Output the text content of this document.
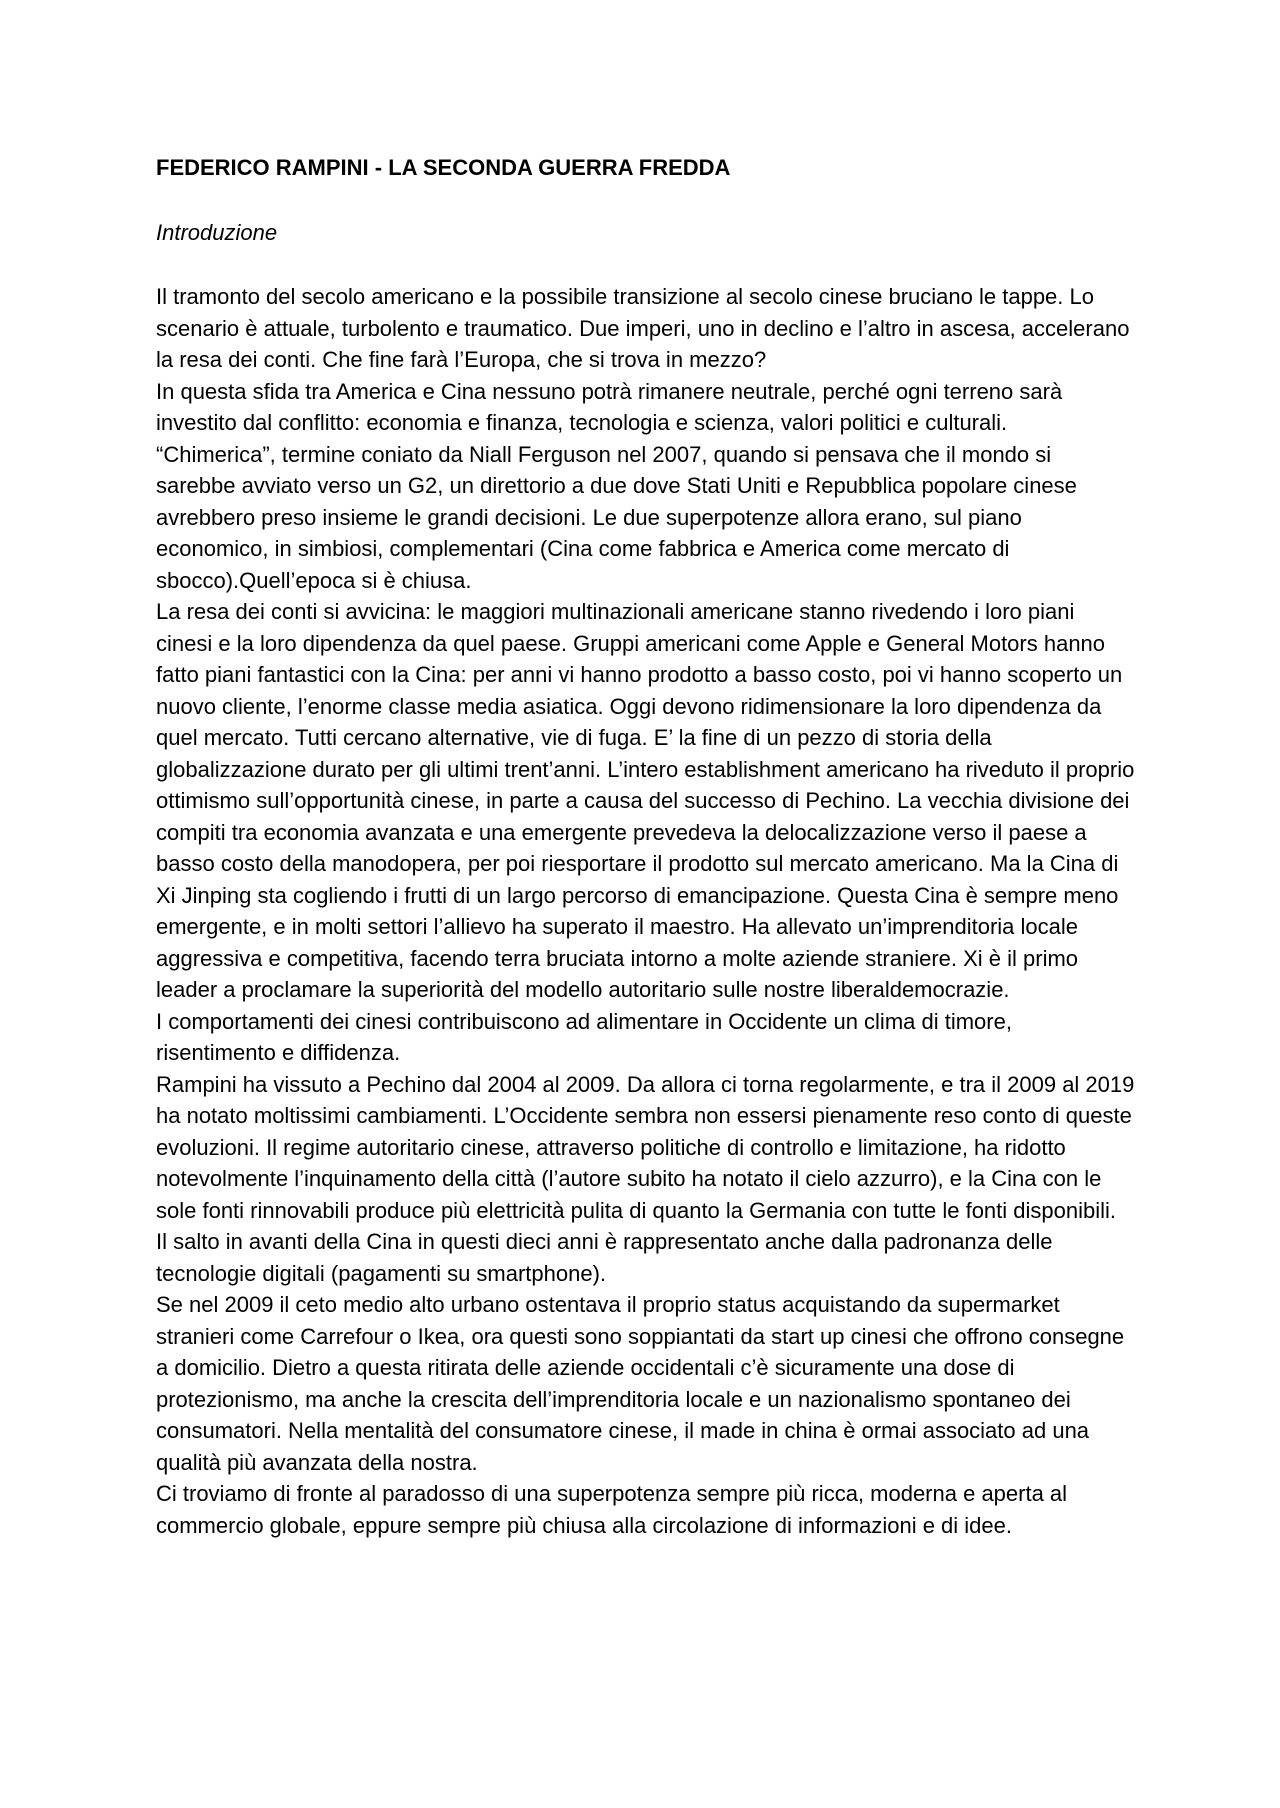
FEDERICO RAMPINI - LA SECONDA GUERRA FREDDA
Introduzione

Il tramonto del secolo americano e la possibile transizione al secolo cinese bruciano le tappe. Lo scenario è attuale, turbolento e traumatico. Due imperi, uno in declino e l’altro in ascesa, accelerano la resa dei conti. Che fine farà l’Europa, che si trova in mezzo?

In questa sfida tra America e Cina nessuno potrà rimanere neutrale, perché ogni terreno sarà investito dal conflitto: economia e finanza, tecnologia e scienza, valori politici e culturali.

“Chimerica”, termine coniato da Niall Ferguson nel 2007, quando si pensava che il mondo si sarebbe avviato verso un G2, un direttorio a due dove Stati Uniti e Repubblica popolare cinese avrebbero preso insieme le grandi decisioni. Le due superpotenze allora erano, sul piano economico, in simbiosi, complementari (Cina come fabbrica e America come mercato di sbocco).Quell’epoca si è chiusa.

La resa dei conti si avvicina: le maggiori multinazionali americane stanno rivedendo i loro piani cinesi e la loro dipendenza da quel paese. Gruppi americani come Apple e General Motors hanno fatto piani fantastici con la Cina: per anni vi hanno prodotto a basso costo, poi vi hanno scoperto un nuovo cliente, l’enorme classe media asiatica. Oggi devono ridimensionare la loro dipendenza da quel mercato. Tutti cercano alternative, vie di fuga. E’ la fine di un pezzo di storia della globalizzazione durato per gli ultimi trent’anni. L’intero establishment americano ha riveduto il proprio ottimismo sull’opportunità cinese, in parte a causa del successo di Pechino. La vecchia divisione dei compiti tra economia avanzata e una emergente prevedeva la delocalizzazione verso il paese a basso costo della manodopera, per poi riesportare il prodotto sul mercato americano. Ma la Cina di Xi Jinping sta cogliendo i frutti di un largo percorso di emancipazione. Questa Cina è sempre meno emergente, e in molti settori l’allievo ha superato il maestro. Ha allevato un’imprenditoria locale aggressiva e competitiva, facendo terra bruciata intorno a molte aziende straniere. Xi è il primo leader a proclamare la superiorità del modello autoritario sulle nostre liberaldemocrazie.

I comportamenti dei cinesi contribuiscono ad alimentare in Occidente un clima di timore, risentimento e diffidenza.

Rampini ha vissuto a Pechino dal 2004 al 2009. Da allora ci torna regolarmente, e tra il 2009 al 2019 ha notato moltissimi cambiamenti. L’Occidente sembra non essersi pienamente reso conto di queste evoluzioni. Il regime autoritario cinese, attraverso politiche di controllo e limitazione, ha ridotto notevolmente l’inquinamento della città (l’autore subito ha notato il cielo azzurro), e la Cina con le sole fonti rinnovabili produce più elettricità pulita di quanto la Germania con tutte le fonti disponibili.

Il salto in avanti della Cina in questi dieci anni è rappresentato anche dalla padronanza delle tecnologie digitali (pagamenti su smartphone).

Se nel 2009 il ceto medio alto urbano ostentava il proprio status acquistando da supermarket stranieri come Carrefour o Ikea, ora questi sono soppiantati da start up cinesi che offrono consegne a domicilio. Dietro a questa ritirata delle aziende occidentali c’è sicuramente una dose di protezionismo, ma anche la crescita dell’imprenditoria locale e un nazionalismo spontaneo dei consumatori. Nella mentalità del consumatore cinese, il made in china è ormai associato ad una qualità più avanzata della nostra.

Ci troviamo di fronte al paradosso di una superpotenza sempre più ricca, moderna e aperta al commercio globale, eppure sempre più chiusa alla circolazione di informazioni e di idee.
